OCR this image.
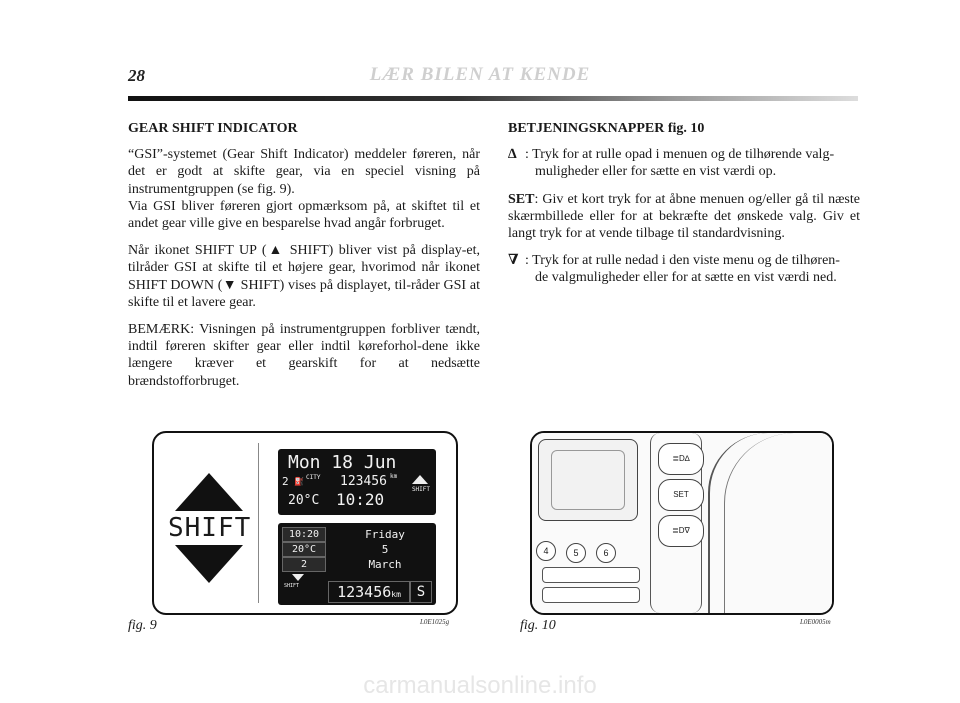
28	LÆR BILEN AT KENDE
GEAR SHIFT INDICATOR

“GSI”-systemet (Gear Shift Indicator) meddeler føreren, når det er godt at skifte gear, via en speciel visning på instrumentgruppen (se fig. 9).

Via GSI bliver føreren gjort opmærksom på, at skiftet til et andet gear ville give en besparelse hvad angår forbruget.

Når ikonet SHIFT UP (▲ SHIFT) bliver vist på display-et, tilråder GSI at skifte til et højere gear, hvorimod når ikonet SHIFT DOWN (▼ SHIFT) vises på displayet, til-råder GSI at skifte til et lavere gear.

BEMÆRK: Visningen på instrumentgruppen forbliver tændt, indtil føreren skifter gear eller indtil køreforhol-dene ikke længere kræver et gearskift for at nedsætte brændstofforbruget.

BETJENINGSKNAPPER fig. 10
∆ : Tryk for at rulle opad i menuen og de tilhørende valg-
muligheder eller for sætte en vist værdi op.

SET: Giv et kort tryk for at åbne menuen og/eller gå til næste skærmbillede eller for at bekræfte det ønskede valg. Giv et langt tryk for at vende tilbage til standardvisning.

∇ : Tryk for at rulle nedad i den viste menu og de tilhøren-
de valgmuligheder eller for at sætte en vist værdi ned.
SHIFT
Mon 18 Jun
2 ⛽ CITY 123456 km
20°C 10:20
SHIFT
10:20
20°C
2
SHIFT
Friday
5
March
123456km	S
fig. 9	L0E1025g
≣D∆
SET
≣D∇
4	5	6
fig. 10	L0E0005m
carmanualsonline.info
